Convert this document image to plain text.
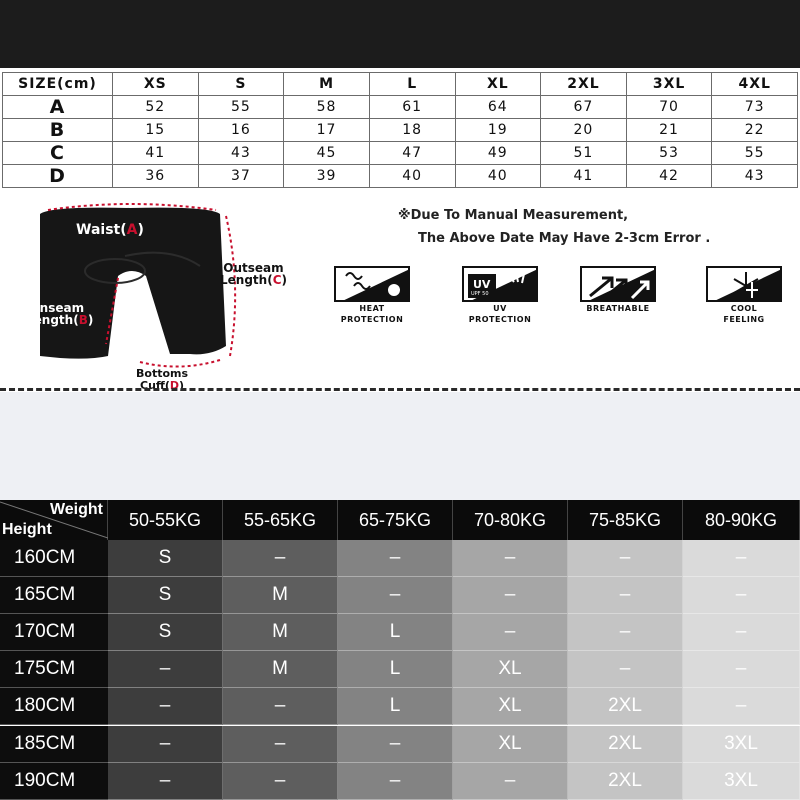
SIZE(cm)	XS	S	M	L	XL	2XL	3XL	4XL
A	52	55	58	61	64	67	70	73
B	15	16	17	18	19	20	21	22
C	41	43	45	47	49	51	53	55
D	36	37	39	40	40	41	42	43
Waist(A)
Outseam
Length(C)
Inseam
Length(B)
Bottoms
Cuff(D)
※Due To Manual Measurement,
The Above Date May Have 2-3cm Error .
HEAT
PROTECTION
UV
UPF 50
UV
PROTECTION
BREATHABLE	COOL
FEELING
Weight
Height	50-55KG	55-65KG	65-75KG	70-80KG	75-85KG	80-90KG
160CM	S	–	–	–	–	–
165CM	S	M	–	–	–	–
170CM	S	M	L	–	–	–
175CM	–	M	L	XL	–	–
180CM	–	–	L	XL	2XL	–
185CM	–	–	–	XL	2XL	3XL
190CM	–	–	–	–	2XL	3XL
